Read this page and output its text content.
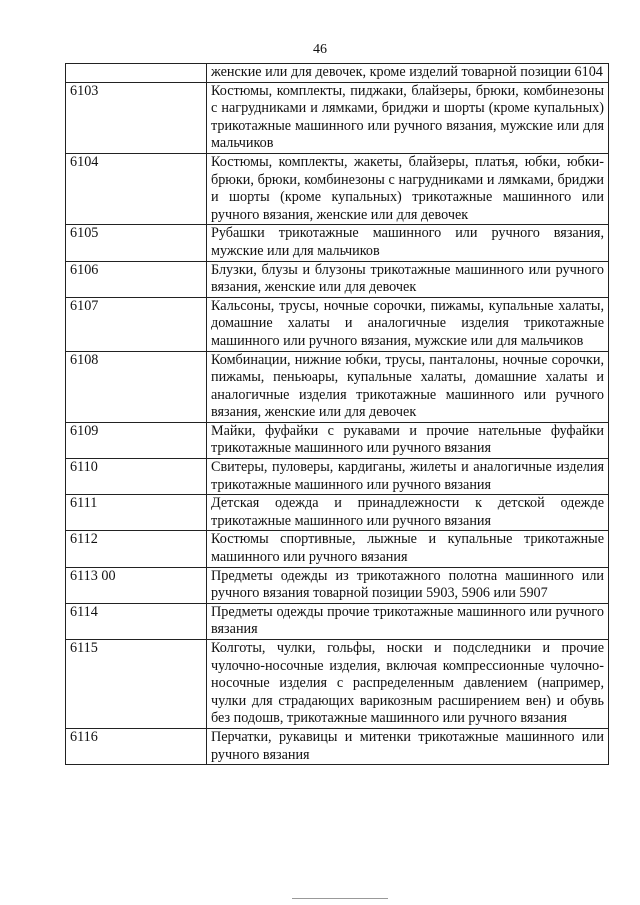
46
	женские или для девочек, кроме изделий товарной позиции 6104
6103	Костюмы, комплекты, пиджаки, блайзеры, брюки, комбинезоны с нагрудниками и лямками, бриджи и шорты (кроме купальных) трикотажные машинного или ручного вязания, мужские или для мальчиков
6104	Костюмы, комплекты, жакеты, блайзеры, платья, юбки, юбки-брюки, брюки, комбинезоны с нагрудниками и лямками, бриджи и шорты (кроме купальных) трикотажные машинного или ручного вязания, женские или для девочек
6105	Рубашки трикотажные машинного или ручного вязания, мужские или для мальчиков
6106	Блузки, блузы и блузоны трикотажные машинного или ручного вязания, женские или для девочек
6107	Кальсоны, трусы, ночные сорочки, пижамы, купальные халаты, домашние халаты и аналогичные изделия трикотажные машинного или ручного вязания, мужские или для мальчиков
6108	Комбинации, нижние юбки, трусы, панталоны, ночные сорочки, пижамы, пеньюары, купальные халаты, домашние халаты и аналогичные изделия трикотажные машинного или ручного вязания, женские или для девочек
6109	Майки, фуфайки с рукавами и прочие нательные фуфайки трикотажные машинного или ручного вязания
6110	Свитеры, пуловеры, кардиганы, жилеты и аналогичные изделия трикотажные машинного или ручного вязания
6111	Детская одежда и принадлежности к детской одежде трикотажные машинного или ручного вязания
6112	Костюмы спортивные, лыжные и купальные трикотажные машинного или ручного вязания
6113 00	Предметы одежды из трикотажного полотна машинного или ручного вязания товарной позиции 5903, 5906 или 5907
6114	Предметы одежды прочие трикотажные машинного или ручного вязания
6115	Колготы, чулки, гольфы, носки и подследники и прочие чулочно-носочные изделия, включая компрессионные чулочно-носочные изделия с распределенным давлением (например, чулки для страдающих варикозным расширением вен) и обувь без подошв, трикотажные машинного или ручного вязания
6116	Перчатки, рукавицы и митенки трикотажные машинного или ручного вязания
